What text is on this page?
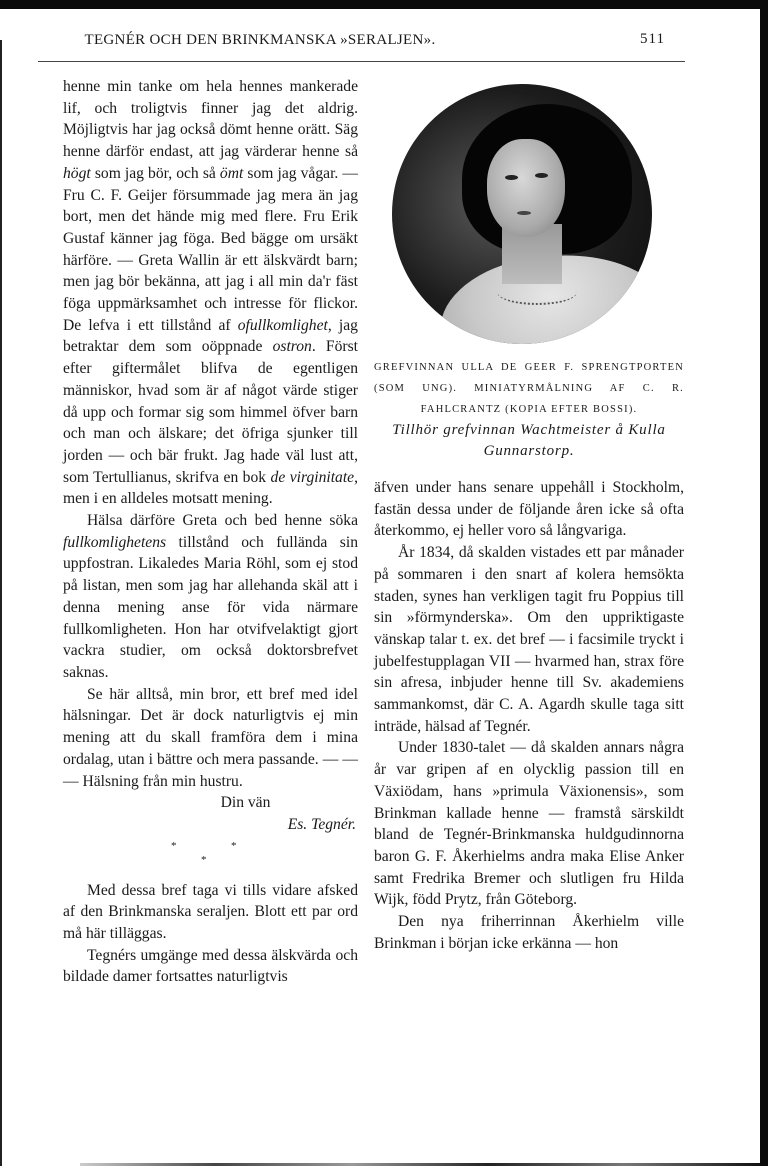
TEGNÉR OCH DEN BRINKMANSKA »SERALJEN».	511

henne min tanke om hela hennes mankerade lif, och troligtvis finner jag det aldrig. Möjligtvis har jag också dömt henne orätt. Säg henne därför endast, att jag värderar henne så högt som jag bör, och så ömt som jag vågar. — Fru C. F. Geijer försummade jag mera än jag bort, men det hände mig med flere. Fru Erik Gustaf känner jag föga. Bed bägge om ursäkt härföre. — Greta Wallin är ett älskvärdt barn; men jag bör bekänna, att jag i all min da'r fäst föga uppmärksamhet och intresse för flickor. De lefva i ett tillstånd af ofullkomlighet, jag betraktar dem som oöppnade ostron. Först efter giftermålet blifva de egentligen människor, hvad som är af något värde stiger då upp och formar sig som himmel öfver barn och man och älskare; det öfriga sjunker till jorden — och bär frukt. Jag hade väl lust att, som Tertullianus, skrifva en bok de virginitate, men i en alldeles motsatt mening.

Hälsa därföre Greta och bed henne söka fullkomlighetens tillstånd och fullända sin uppfostran. Likaledes Maria Röhl, som ej stod på listan, men som jag har allehanda skäl att i denna mening anse för vida närmare fullkomligheten. Hon har otvifvelaktigt gjort vackra studier, om också doktorsbrefvet saknas.

Se här alltså, min bror, ett bref med idel hälsningar. Det är dock naturligtvis ej min mening att du skall framföra dem i mina ordalag, utan i bättre och mera passande. — — — Hälsning från min hustru.

Din vän

Es. Tegnér.

*
*
*

Med dessa bref taga vi tills vidare afsked af den Brinkmanska seraljen. Blott ett par ord må här tilläggas.

Tegnérs umgänge med dessa älskvärda och bildade damer fortsattes naturligtvis

GREFVINNAN ULLA DE GEER F. SPRENGTPORTEN (SOM UNG). MINIATYRMÅLNING AF C. R. FAHLCRANTZ (KOPIA EFTER BOSSI).
Tillhör grefvinnan Wachtmeister å Kulla Gunnarstorp.

äfven under hans senare uppehåll i Stockholm, fastän dessa under de följande åren icke så ofta återkommo, ej heller voro så långvariga.

År 1834, då skalden vistades ett par månader på sommaren i den snart af kolera hemsökta staden, synes han verkligen tagit fru Poppius till sin »förmynderska». Om den uppriktigaste vänskap talar t. ex. det bref — i facsimile tryckt i jubelfestupplagan VII — hvarmed han, strax före sin afresa, inbjuder henne till Sv. akademiens sammankomst, där C. A. Agardh skulle taga sitt inträde, hälsad af Tegnér.

Under 1830-talet — då skalden annars några år var gripen af en olycklig passion till en Växiödam, hans »primula Växionensis», som Brinkman kallade henne — framstå särskildt bland de Tegnér-Brinkmanska huldgudinnorna baron G. F. Åkerhielms andra maka Elise Anker samt Fredrika Bremer och slutligen fru Hilda Wijk, född Prytz, från Göteborg.

Den nya friherrinnan Åkerhielm ville Brinkman i början icke erkänna — hon
